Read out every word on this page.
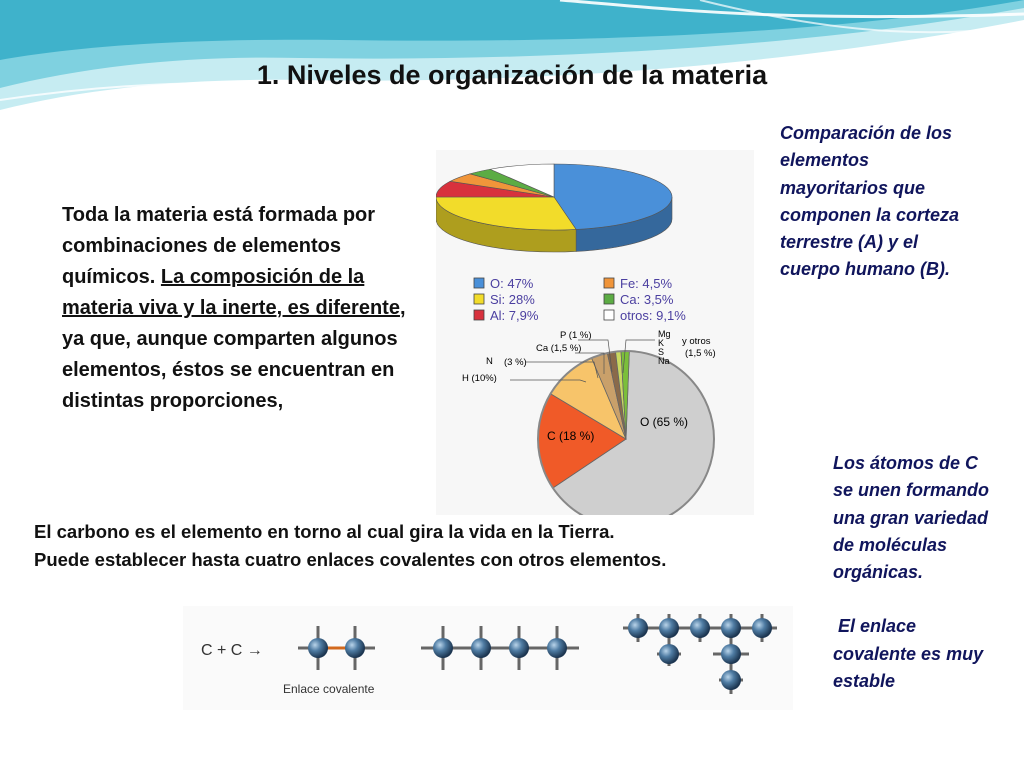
1. Niveles de organización de la materia
Toda la materia está formada por combinaciones de elementos químicos. La composición de la materia viva y la inerte, es diferente, ya que, aunque comparten algunos elementos, éstos se encuentran en distintas proporciones,
Comparación de los elementos mayoritarios que componen la corteza terrestre (A) y el cuerpo humano (B).
O: 47%	Fe: 4,5%
Si: 28%	Ca: 3,5%
Al: 7,9%	otros: 9,1%
P (1 %)
Ca (1,5 %)
N (3 %)
H (10%)
O (65 %)
C (18 %)
Mg
K
S
Na
y otros
(1,5 %)
El carbono es el elemento en torno al cual gira la vida en la Tierra.
Puede establecer hasta cuatro enlaces covalentes con otros elementos.

Los átomos de C se unen formando una gran variedad de moléculas orgánicas.

El enlace covalente es muy estable

C + C →
Enlace covalente
